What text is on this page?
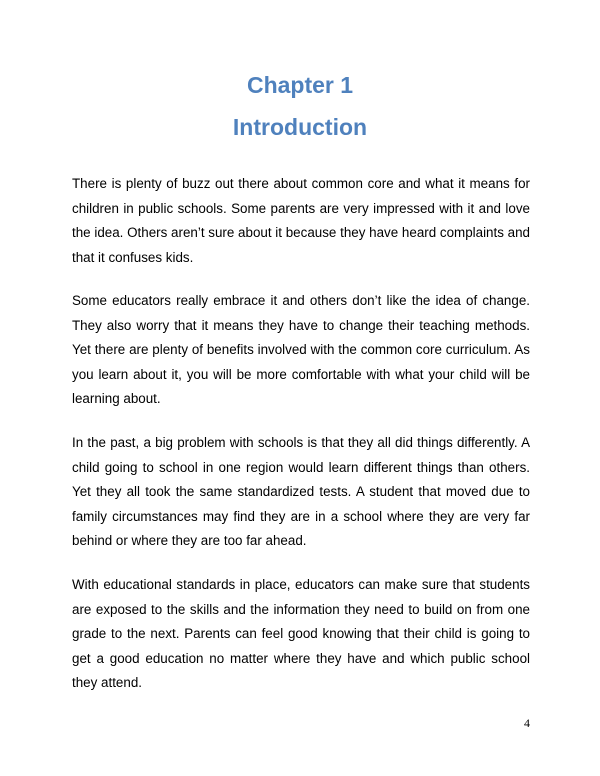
Chapter 1
Introduction

There is plenty of buzz out there about common core and what it means for children in public schools. Some parents are very impressed with it and love the idea. Others aren’t sure about it because they have heard complaints and that it confuses kids.

Some educators really embrace it and others don’t like the idea of change. They also worry that it means they have to change their teaching methods. Yet there are plenty of benefits involved with the common core curriculum. As you learn about it, you will be more comfortable with what your child will be learning about.

In the past, a big problem with schools is that they all did things differently. A child going to school in one region would learn different things than others. Yet they all took the same standardized tests. A student that moved due to family circumstances may find they are in a school where they are very far behind or where they are too far ahead.

With educational standards in place, educators can make sure that students are exposed to the skills and the information they need to build on from one grade to the next. Parents can feel good knowing that their child is going to get a good education no matter where they have and which public school they attend.

4
